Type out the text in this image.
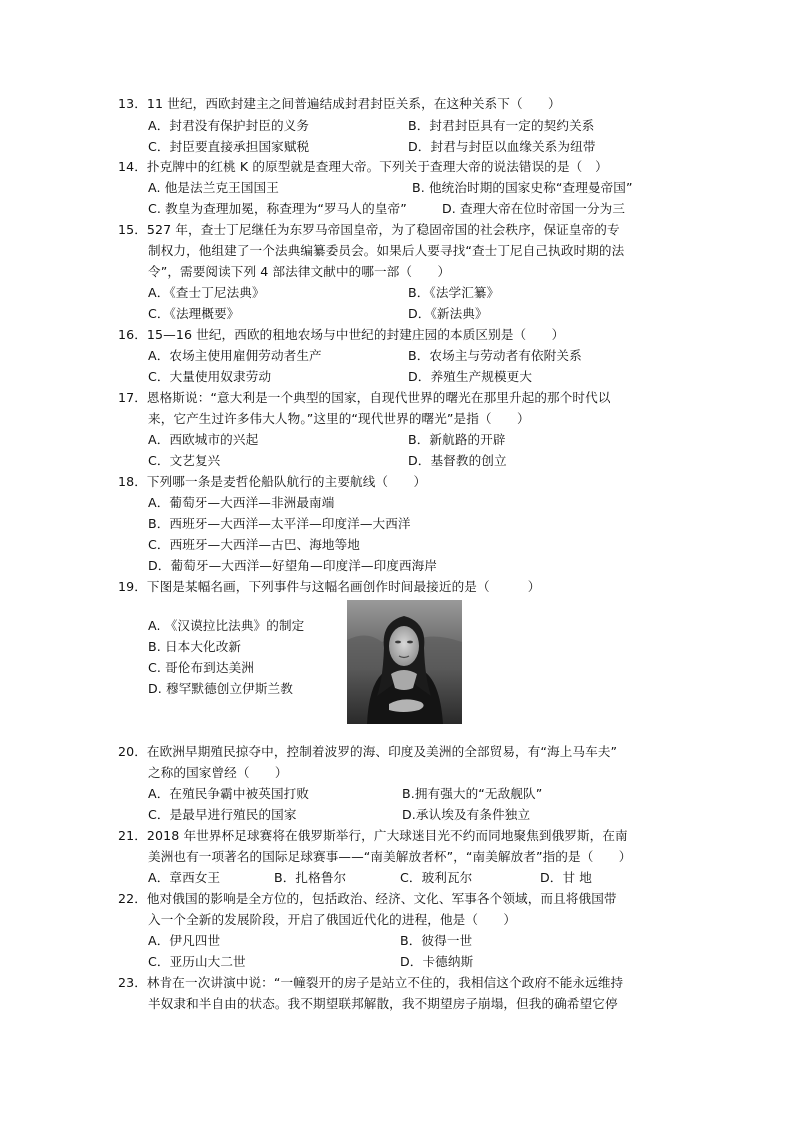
13．11 世纪，西欧封建主之间普遍结成封君封臣关系，在这种关系下（　　）
A．封君没有保护封臣的义务	B．封君封臣具有一定的契约关系
C．封臣要直接承担国家赋税	D．封君与封臣以血缘关系为纽带
14．扑克牌中的红桃 K 的原型就是查理大帝。下列关于查理大帝的说法错误的是（　）
A. 他是法兰克王国国王	B. 他统治时期的国家史称“查理曼帝国”
C. 教皇为查理加冕，称查理为“罗马人的皇帝”	D. 查理大帝在位时帝国一分为三
15．527 年，查士丁尼继任为东罗马帝国皇帝，为了稳固帝国的社会秩序，保证皇帝的专
制权力，他组建了一个法典编纂委员会。如果后人要寻找“查士丁尼自己执政时期的法
令”，需要阅读下列 4 部法律文献中的哪一部（　　）
A．《查士丁尼法典》	B．《法学汇纂》
C．《法理概要》	D．《新法典》
16．15—16 世纪，西欧的租地农场与中世纪的封建庄园的本质区别是（　　）
A．农场主使用雇佣劳动者生产	B．农场主与劳动者有依附关系
C．大量使用奴隶劳动	D．养殖生产规模更大
17．恩格斯说：“意大利是一个典型的国家，自现代世界的曙光在那里升起的那个时代以
来，它产生过许多伟大人物。”这里的“现代世界的曙光”是指（　　）
A．西欧城市的兴起	B．新航路的开辟
C．文艺复兴	D．基督教的创立
18．下列哪一条是麦哲伦船队航行的主要航线（　　）
A．葡萄牙—大西洋—非洲最南端
B．西班牙—大西洋—太平洋—印度洋—大西洋
C．西班牙—大西洋—古巴、海地等地
D．葡萄牙—大西洋—好望角—印度洋—印度西海岸
19．下图是某幅名画，下列事件与这幅名画创作时间最接近的是（　　　）
A. 《汉谟拉比法典》的制定
B. 日本大化改新
C. 哥伦布到达美洲
D. 穆罕默德创立伊斯兰教
20．在欧洲早期殖民掠夺中，控制着波罗的海、印度及美洲的全部贸易，有“海上马车夫”
之称的国家曾经（　　）
A．在殖民争霸中被英国打败	B.拥有强大的“无敌舰队”
C．是最早进行殖民的国家	D.承认埃及有条件独立
21．2018 年世界杯足球赛将在俄罗斯举行，广大球迷目光不约而同地聚焦到俄罗斯，在南
美洲也有一项著名的国际足球赛事——“南美解放者杯”，“南美解放者”指的是（　　）
A．章西女王	B．扎格鲁尔	C．玻利瓦尔	D．甘 地
22．他对俄国的影响是全方位的，包括政治、经济、文化、军事各个领域，而且将俄国带
入一个全新的发展阶段，开启了俄国近代化的进程，他是（　　）
A．伊凡四世	B．彼得一世
C．亚历山大二世	D．卡德纳斯
23．林肯在一次讲演中说：“一幢裂开的房子是站立不住的，我相信这个政府不能永远维持
半奴隶和半自由的状态。我不期望联邦解散，我不期望房子崩塌，但我的确希望它停
